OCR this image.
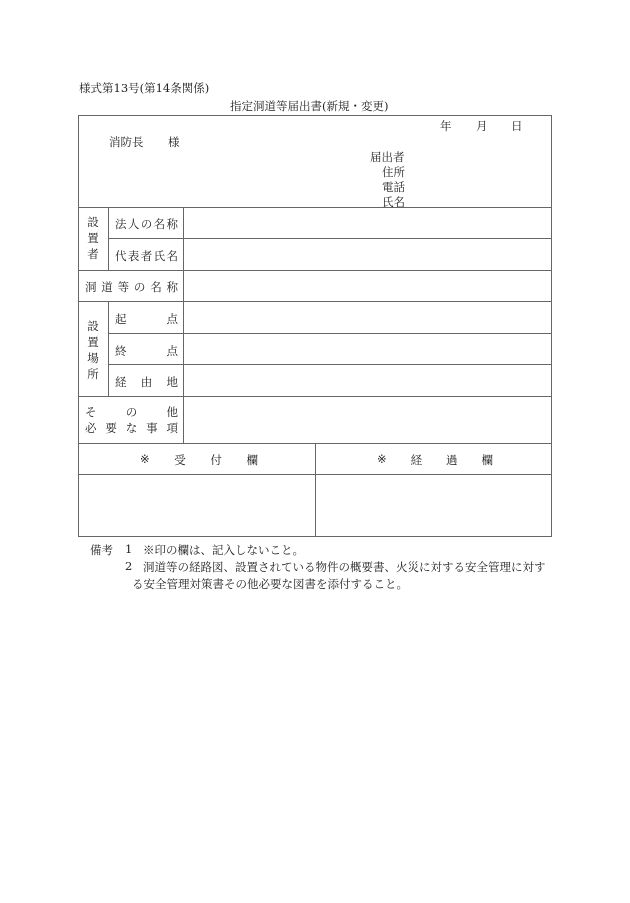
様式第13号(第14条関係)
指定洞道等届出書(新規・変更)
年 月 日
消防長 様
届出者
住所
電話
氏名
設
置
者
法 人 の 名 称
代 表 者 氏 名
洞 道 等 の 名 称
設
置
場
所
起	点
終	点
経 由 地
そ	の	他
必 要 な 事 項
※ 受 付 欄	※ 経 過 欄
備考 1 ※印の欄は、記入しないこと。
2 洞道等の経路図、設置されている物件の概要書、火災に対する安全管理に対す
る安全管理対策書その他必要な図書を添付すること。
